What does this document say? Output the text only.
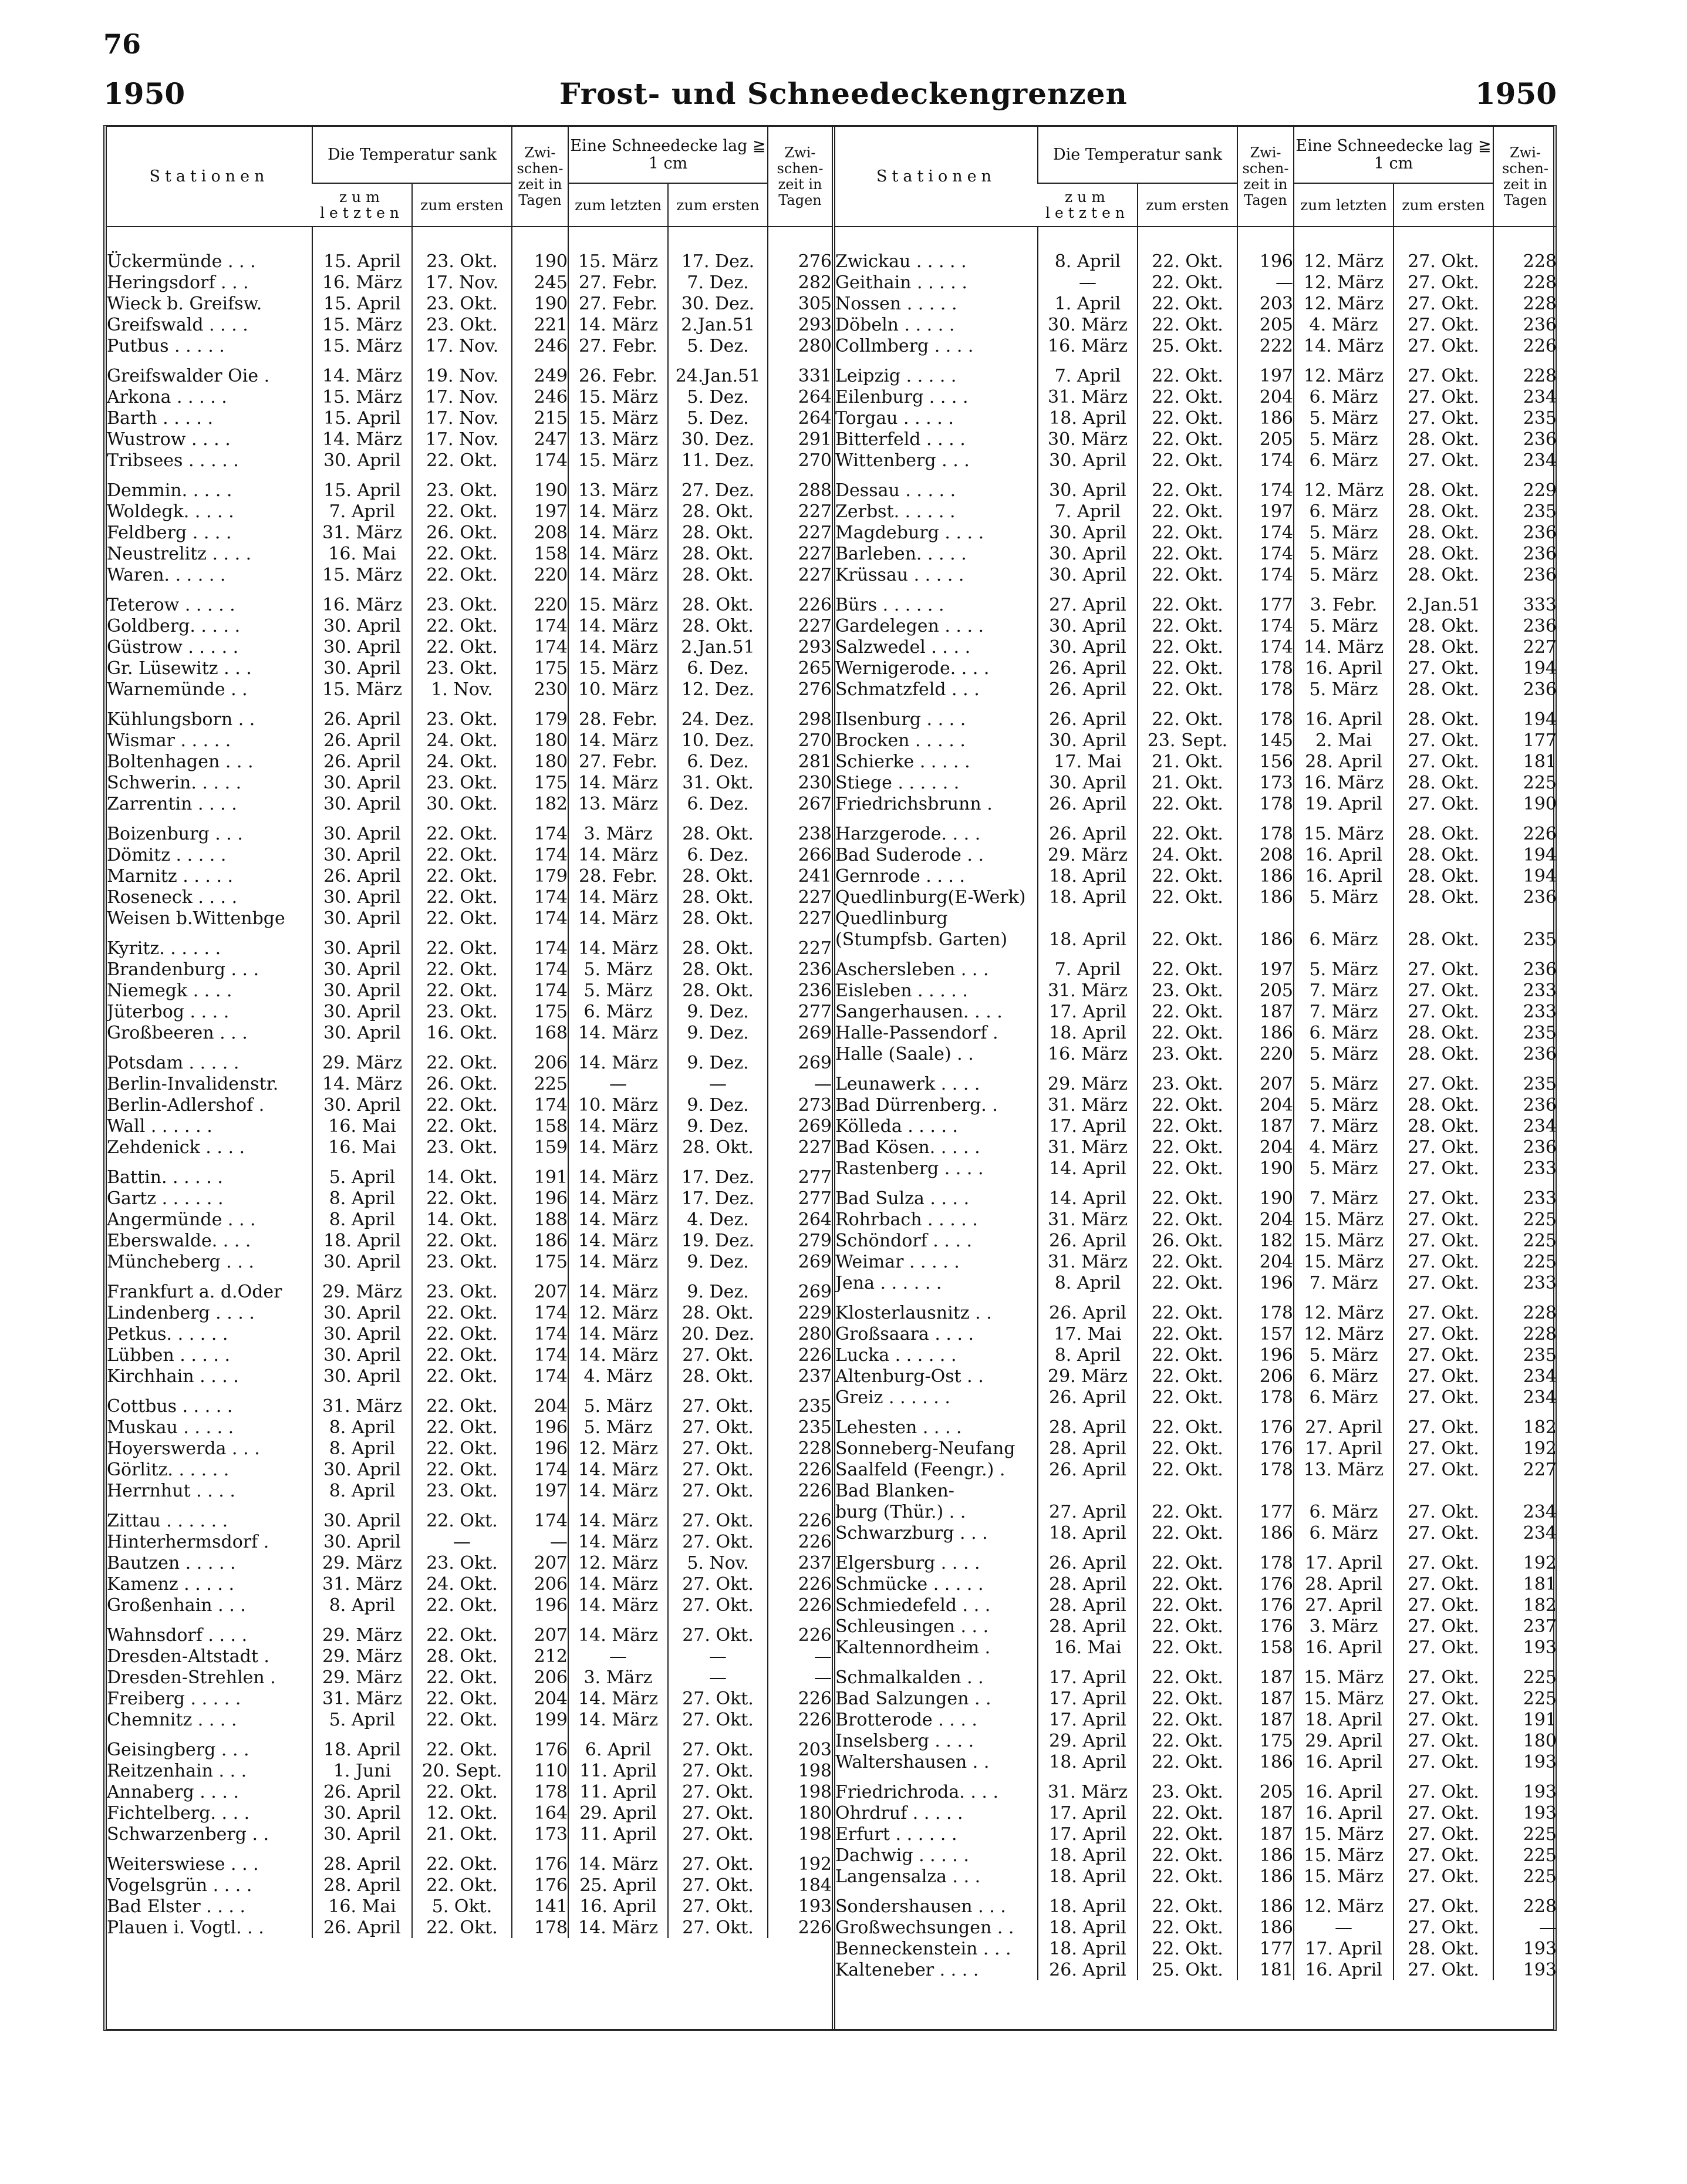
76
1950	Frost- und Schneedeckengrenzen	1950
Stationen	Die Temperatur sank		Zwi-schen-zeit in Tagen	Eine Schneedecke lag ≧ 1 cm		Zwi-schen-zeit in Tagen
	zum letzten	zum ersten		zum letzten	zum ersten	

Ückermünde . . .	15. April	23. Okt.	190	15. März	17. Dez.	276
Heringsdorf . . .	16. März	17. Nov.	245	27. Febr.	7. Dez.	282
Wieck b. Greifsw.	15. April	23. Okt.	190	27. Febr.	30. Dez.	305
Greifswald . . . .	15. März	23. Okt.	221	14. März	2.Jan.51	293
Putbus . . . . .	15. März	17. Nov.	246	27. Febr.	5. Dez.	280

Greifswalder Oie .	14. März	19. Nov.	249	26. Febr.	24.Jan.51	331
Arkona . . . . .	15. März	17. Nov.	246	15. März	5. Dez.	264
Barth . . . . .	15. April	17. Nov.	215	15. März	5. Dez.	264
Wustrow . . . .	14. März	17. Nov.	247	13. März	30. Dez.	291
Tribsees . . . . .	30. April	22. Okt.	174	15. März	11. Dez.	270

Demmin. . . . .	15. April	23. Okt.	190	13. März	27. Dez.	288
Woldegk. . . . .	7. April	22. Okt.	197	14. März	28. Okt.	227
Feldberg . . . .	31. März	26. Okt.	208	14. März	28. Okt.	227
Neustrelitz . . . .	16. Mai	22. Okt.	158	14. März	28. Okt.	227
Waren. . . . . .	15. März	22. Okt.	220	14. März	28. Okt.	227

Teterow . . . . .	16. März	23. Okt.	220	15. März	28. Okt.	226
Goldberg. . . . .	30. April	22. Okt.	174	14. März	28. Okt.	227
Güstrow . . . . .	30. April	22. Okt.	174	14. März	2.Jan.51	293
Gr. Lüsewitz . . .	30. April	23. Okt.	175	15. März	6. Dez.	265
Warnemünde . .	15. März	1. Nov.	230	10. März	12. Dez.	276

Kühlungsborn . .	26. April	23. Okt.	179	28. Febr.	24. Dez.	298
Wismar . . . . .	26. April	24. Okt.	180	14. März	10. Dez.	270
Boltenhagen . . .	26. April	24. Okt.	180	27. Febr.	6. Dez.	281
Schwerin. . . . .	30. April	23. Okt.	175	14. März	31. Okt.	230
Zarrentin . . . .	30. April	30. Okt.	182	13. März	6. Dez.	267

Boizenburg . . .	30. April	22. Okt.	174	3. März	28. Okt.	238
Dömitz . . . . .	30. April	22. Okt.	174	14. März	6. Dez.	266
Marnitz . . . . .	26. April	22. Okt.	179	28. Febr.	28. Okt.	241
Roseneck . . . .	30. April	22. Okt.	174	14. März	28. Okt.	227
Weisen b.Wittenbge	30. April	22. Okt.	174	14. März	28. Okt.	227

Kyritz. . . . . .	30. April	22. Okt.	174	14. März	28. Okt.	227
Brandenburg . . .	30. April	22. Okt.	174	5. März	28. Okt.	236
Niemegk . . . .	30. April	22. Okt.	174	5. März	28. Okt.	236
Jüterbog . . . .	30. April	23. Okt.	175	6. März	9. Dez.	277
Großbeeren . . .	30. April	16. Okt.	168	14. März	9. Dez.	269

Potsdam . . . . .	29. März	22. Okt.	206	14. März	9. Dez.	269
Berlin-Invalidenstr.	14. März	26. Okt.	225	—	—	—
Berlin-Adlershof .	30. April	22. Okt.	174	10. März	9. Dez.	273
Wall . . . . . .	16. Mai	22. Okt.	158	14. März	9. Dez.	269
Zehdenick . . . .	16. Mai	23. Okt.	159	14. März	28. Okt.	227

Battin. . . . . .	5. April	14. Okt.	191	14. März	17. Dez.	277
Gartz . . . . . .	8. April	22. Okt.	196	14. März	17. Dez.	277
Angermünde . . .	8. April	14. Okt.	188	14. März	4. Dez.	264
Eberswalde. . . .	18. April	22. Okt.	186	14. März	19. Dez.	279
Müncheberg . . .	30. April	23. Okt.	175	14. März	9. Dez.	269

Frankfurt a. d.Oder	29. März	23. Okt.	207	14. März	9. Dez.	269
Lindenberg . . . .	30. April	22. Okt.	174	12. März	28. Okt.	229
Petkus. . . . . .	30. April	22. Okt.	174	14. März	20. Dez.	280
Lübben . . . . .	30. April	22. Okt.	174	14. März	27. Okt.	226
Kirchhain . . . .	30. April	22. Okt.	174	4. März	28. Okt.	237

Cottbus . . . . .	31. März	22. Okt.	204	5. März	27. Okt.	235
Muskau . . . . .	8. April	22. Okt.	196	5. März	27. Okt.	235
Hoyerswerda . . .	8. April	22. Okt.	196	12. März	27. Okt.	228
Görlitz. . . . . .	30. April	22. Okt.	174	14. März	27. Okt.	226
Herrnhut . . . .	8. April	23. Okt.	197	14. März	27. Okt.	226

Zittau . . . . . .	30. April	22. Okt.	174	14. März	27. Okt.	226
Hinterhermsdorf .	30. April	—	—	14. März	27. Okt.	226
Bautzen . . . . .	29. März	23. Okt.	207	12. März	5. Nov.	237
Kamenz . . . . .	31. März	24. Okt.	206	14. März	27. Okt.	226
Großenhain . . .	8. April	22. Okt.	196	14. März	27. Okt.	226

Wahnsdorf . . . .	29. März	22. Okt.	207	14. März	27. Okt.	226
Dresden-Altstadt .	29. März	28. Okt.	212	—	—	—
Dresden-Strehlen .	29. März	22. Okt.	206	3. März	—	—
Freiberg . . . . .	31. März	22. Okt.	204	14. März	27. Okt.	226
Chemnitz . . . .	5. April	22. Okt.	199	14. März	27. Okt.	226

Geisingberg . . .	18. April	22. Okt.	176	6. April	27. Okt.	203
Reitzenhain . . .	1. Juni	20. Sept.	110	11. April	27. Okt.	198
Annaberg . . . .	26. April	22. Okt.	178	11. April	27. Okt.	198
Fichtelberg. . . .	30. April	12. Okt.	164	29. April	27. Okt.	180
Schwarzenberg . .	30. April	21. Okt.	173	11. April	27. Okt.	198

Weiterswiese . . .	28. April	22. Okt.	176	14. März	27. Okt.	192
Vogelsgrün . . . .	28. April	22. Okt.	176	25. April	27. Okt.	184
Bad Elster . . . .	16. Mai	5. Okt.	141	16. April	27. Okt.	193
Plauen i. Vogtl. . .	26. April	22. Okt.	178	14. März	27. Okt.	226
Stationen	Die Temperatur sank		Zwi-schen-zeit in Tagen	Eine Schneedecke lag ≧ 1 cm		Zwi-schen-zeit in Tagen
	zum letzten	zum ersten		zum letzten	zum ersten	

Zwickau . . . . .	8. April	22. Okt.	196	12. März	27. Okt.	228
Geithain . . . . .	—	22. Okt.	—	12. März	27. Okt.	228
Nossen . . . . .	1. April	22. Okt.	203	12. März	27. Okt.	228
Döbeln . . . . .	30. März	22. Okt.	205	4. März	27. Okt.	236
Collmberg . . . .	16. März	25. Okt.	222	14. März	27. Okt.	226

Leipzig . . . . .	7. April	22. Okt.	197	12. März	27. Okt.	228
Eilenburg . . . .	31. März	22. Okt.	204	6. März	27. Okt.	234
Torgau . . . . .	18. April	22. Okt.	186	5. März	27. Okt.	235
Bitterfeld . . . .	30. März	22. Okt.	205	5. März	28. Okt.	236
Wittenberg . . .	30. April	22. Okt.	174	6. März	27. Okt.	234

Dessau . . . . .	30. April	22. Okt.	174	12. März	28. Okt.	229
Zerbst. . . . . .	7. April	22. Okt.	197	6. März	28. Okt.	235
Magdeburg . . . .	30. April	22. Okt.	174	5. März	28. Okt.	236
Barleben. . . . .	30. April	22. Okt.	174	5. März	28. Okt.	236
Krüssau . . . . .	30. April	22. Okt.	174	5. März	28. Okt.	236

Bürs . . . . . .	27. April	22. Okt.	177	3. Febr.	2.Jan.51	333
Gardelegen . . . .	30. April	22. Okt.	174	5. März	28. Okt.	236
Salzwedel . . . .	30. April	22. Okt.	174	14. März	28. Okt.	227
Wernigerode. . . .	26. April	22. Okt.	178	16. April	27. Okt.	194
Schmatzfeld . . .	26. April	22. Okt.	178	5. März	28. Okt.	236

Ilsenburg . . . .	26. April	22. Okt.	178	16. April	28. Okt.	194
Brocken . . . . .	30. April	23. Sept.	145	2. Mai	27. Okt.	177
Schierke . . . . .	17. Mai	21. Okt.	156	28. April	27. Okt.	181
Stiege . . . . . .	30. April	21. Okt.	173	16. März	28. Okt.	225
Friedrichsbrunn .	26. April	22. Okt.	178	19. April	27. Okt.	190

Harzgerode. . . .	26. April	22. Okt.	178	15. März	28. Okt.	226
Bad Suderode . .	29. März	24. Okt.	208	16. April	28. Okt.	194
Gernrode . . . .	18. April	22. Okt.	186	16. April	28. Okt.	194
Quedlinburg(E-Werk)	18. April	22. Okt.	186	5. März	28. Okt.	236
Quedlinburg						
(Stumpfsb. Garten)	18. April	22. Okt.	186	6. März	28. Okt.	235

Aschersleben . . .	7. April	22. Okt.	197	5. März	27. Okt.	236
Eisleben . . . . .	31. März	23. Okt.	205	7. März	27. Okt.	233
Sangerhausen. . . .	17. April	22. Okt.	187	7. März	27. Okt.	233
Halle-Passendorf .	18. April	22. Okt.	186	6. März	28. Okt.	235
Halle (Saale) . .	16. März	23. Okt.	220	5. März	28. Okt.	236

Leunawerk . . . .	29. März	23. Okt.	207	5. März	27. Okt.	235
Bad Dürrenberg. .	31. März	22. Okt.	204	5. März	28. Okt.	236
Kölleda . . . . .	17. April	22. Okt.	187	7. März	28. Okt.	234
Bad Kösen. . . . .	31. März	22. Okt.	204	4. März	27. Okt.	236
Rastenberg . . . .	14. April	22. Okt.	190	5. März	27. Okt.	233

Bad Sulza . . . .	14. April	22. Okt.	190	7. März	27. Okt.	233
Rohrbach . . . . .	31. März	22. Okt.	204	15. März	27. Okt.	225
Schöndorf . . . .	26. April	26. Okt.	182	15. März	27. Okt.	225
Weimar . . . . .	31. März	22. Okt.	204	15. März	27. Okt.	225
Jena . . . . . .	8. April	22. Okt.	196	7. März	27. Okt.	233

Klosterlausnitz . .	26. April	22. Okt.	178	12. März	27. Okt.	228
Großsaara . . . .	17. Mai	22. Okt.	157	12. März	27. Okt.	228
Lucka . . . . . .	8. April	22. Okt.	196	5. März	27. Okt.	235
Altenburg-Ost . .	29. März	22. Okt.	206	6. März	27. Okt.	234
Greiz . . . . . .	26. April	22. Okt.	178	6. März	27. Okt.	234

Lehesten . . . .	28. April	22. Okt.	176	27. April	27. Okt.	182
Sonneberg-Neufang	28. April	22. Okt.	176	17. April	27. Okt.	192
Saalfeld (Feengr.) .	26. April	22. Okt.	178	13. März	27. Okt.	227
Bad Blanken-						
burg (Thür.) . .	27. April	22. Okt.	177	6. März	27. Okt.	234
Schwarzburg . . .	18. April	22. Okt.	186	6. März	27. Okt.	234

Elgersburg . . . .	26. April	22. Okt.	178	17. April	27. Okt.	192
Schmücke . . . . .	28. April	22. Okt.	176	28. April	27. Okt.	181
Schmiedefeld . . .	28. April	22. Okt.	176	27. April	27. Okt.	182
Schleusingen . . .	28. April	22. Okt.	176	3. März	27. Okt.	237
Kaltennordheim .	16. Mai	22. Okt.	158	16. April	27. Okt.	193

Schmalkalden . .	17. April	22. Okt.	187	15. März	27. Okt.	225
Bad Salzungen . .	17. April	22. Okt.	187	15. März	27. Okt.	225
Brotterode . . . .	17. April	22. Okt.	187	18. April	27. Okt.	191
Inselsberg . . . .	29. April	22. Okt.	175	29. April	27. Okt.	180
Waltershausen . .	18. April	22. Okt.	186	16. April	27. Okt.	193

Friedrichroda. . . .	31. März	23. Okt.	205	16. April	27. Okt.	193
Ohrdruf . . . . .	17. April	22. Okt.	187	16. April	27. Okt.	193
Erfurt . . . . . .	17. April	22. Okt.	187	15. März	27. Okt.	225
Dachwig . . . . .	18. April	22. Okt.	186	15. März	27. Okt.	225
Langensalza . . .	18. April	22. Okt.	186	15. März	27. Okt.	225

Sondershausen . . .	18. April	22. Okt.	186	12. März	27. Okt.	228
Großwechsungen . .	18. April	22. Okt.	186	—	27. Okt.	—
Benneckenstein . . .	18. April	22. Okt.	177	17. April	28. Okt.	193
Kalteneber . . . .	26. April	25. Okt.	181	16. April	27. Okt.	193
